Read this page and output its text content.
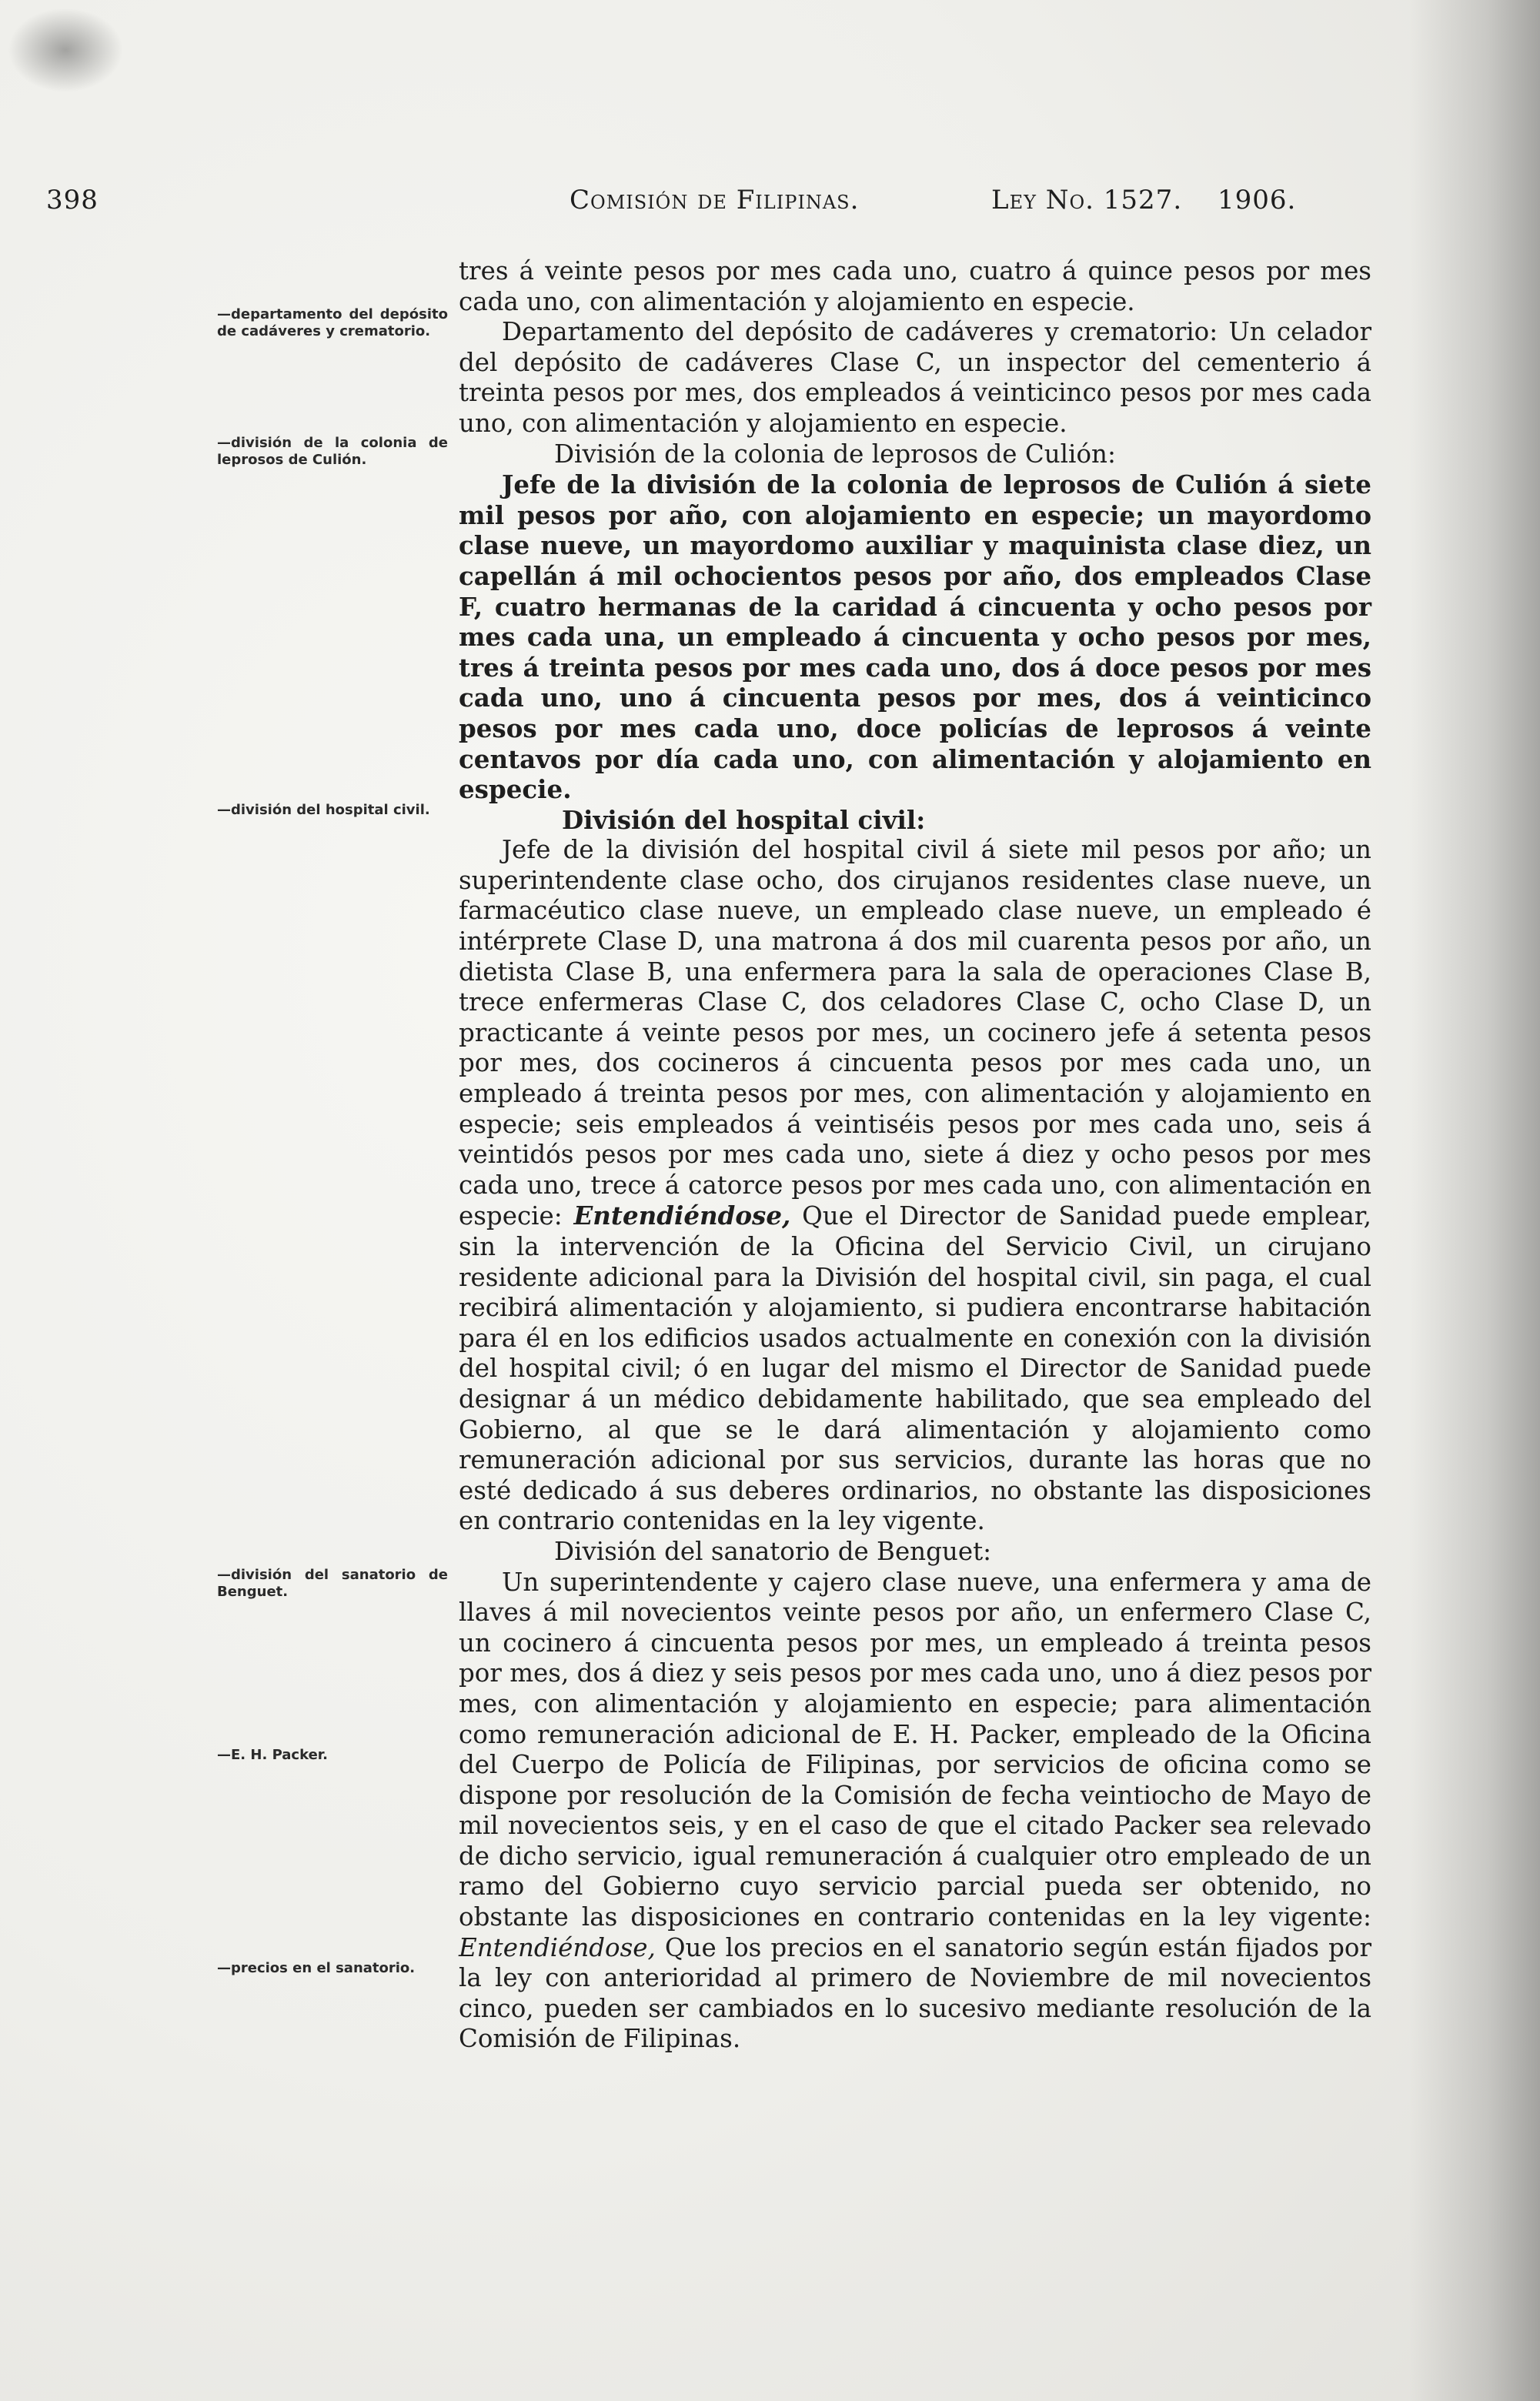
398	Comisión de Filipinas.	Ley No. 1527. 1906.
—departamento del depósito de cadáveres y crematorio.
—división de la colonia de leprosos de Culión.
—división del hospital civil.
—división del sanatorio de Benguet.
—E. H. Packer.
—precios en el sanatorio.

tres á veinte pesos por mes cada uno, cuatro á quince pesos por mes cada uno, con alimentación y alojamiento en especie.

Departamento del depósito de cadáveres y crematorio: Un celador del depósito de cadáveres Clase C, un inspector del cementerio á treinta pesos por mes, dos empleados á veinticinco pesos por mes cada uno, con alimentación y alojamiento en especie.

División de la colonia de leprosos de Culión:

Jefe de la división de la colonia de leprosos de Culión á siete mil pesos por año, con alojamiento en especie; un mayordomo clase nueve, un mayordomo auxiliar y maquinista clase diez, un capellán á mil ochocientos pesos por año, dos empleados Clase F, cuatro hermanas de la caridad á cincuenta y ocho pesos por mes cada una, un empleado á cincuenta y ocho pesos por mes, tres á treinta pesos por mes cada uno, dos á doce pesos por mes cada uno, uno á cincuenta pesos por mes, dos á veinticinco pesos por mes cada uno, doce policías de leprosos á veinte centavos por día cada uno, con alimentación y alojamiento en especie.

División del hospital civil:

Jefe de la división del hospital civil á siete mil pesos por año; un superintendente clase ocho, dos cirujanos residentes clase nueve, un farmacéutico clase nueve, un empleado clase nueve, un empleado é intérprete Clase D, una matrona á dos mil cuarenta pesos por año, un dietista Clase B, una enfermera para la sala de operaciones Clase B, trece enfermeras Clase C, dos celadores Clase C, ocho Clase D, un practicante á veinte pesos por mes, un cocinero jefe á setenta pesos por mes, dos cocineros á cincuenta pesos por mes cada uno, un empleado á treinta pesos por mes, con alimentación y alojamiento en especie; seis empleados á veintiséis pesos por mes cada uno, seis á veintidós pesos por mes cada uno, siete á diez y ocho pesos por mes cada uno, trece á catorce pesos por mes cada uno, con alimentación en especie: Entendiéndose, Que el Director de Sanidad puede emplear, sin la intervención de la Oficina del Servicio Civil, un cirujano residente adicional para la División del hospital civil, sin paga, el cual recibirá alimentación y alojamiento, si pudiera encontrarse habitación para él en los edificios usados actualmente en conexión con la división del hospital civil; ó en lugar del mismo el Director de Sanidad puede designar á un médico debidamente habilitado, que sea empleado del Gobierno, al que se le dará alimentación y alojamiento como remuneración adicional por sus servicios, durante las horas que no esté dedicado á sus deberes ordinarios, no obstante las disposiciones en contrario contenidas en la ley vigente.

División del sanatorio de Benguet:

Un superintendente y cajero clase nueve, una enfermera y ama de llaves á mil novecientos veinte pesos por año, un enfermero Clase C, un cocinero á cincuenta pesos por mes, un empleado á treinta pesos por mes, dos á diez y seis pesos por mes cada uno, uno á diez pesos por mes, con alimentación y alojamiento en especie; para alimentación como remuneración adicional de E. H. Packer, empleado de la Oficina del Cuerpo de Policía de Filipinas, por servicios de oficina como se dispone por resolución de la Comisión de fecha veintiocho de Mayo de mil novecientos seis, y en el caso de que el citado Packer sea relevado de dicho servicio, igual remuneración á cualquier otro empleado de un ramo del Gobierno cuyo servicio parcial pueda ser obtenido, no obstante las disposiciones en contrario contenidas en la ley vigente: Entendiéndose, Que los precios en el sanatorio según están fijados por la ley con anterioridad al primero de Noviembre de mil novecientos cinco, pueden ser cambiados en lo sucesivo mediante resolución de la Comisión de Filipinas.
